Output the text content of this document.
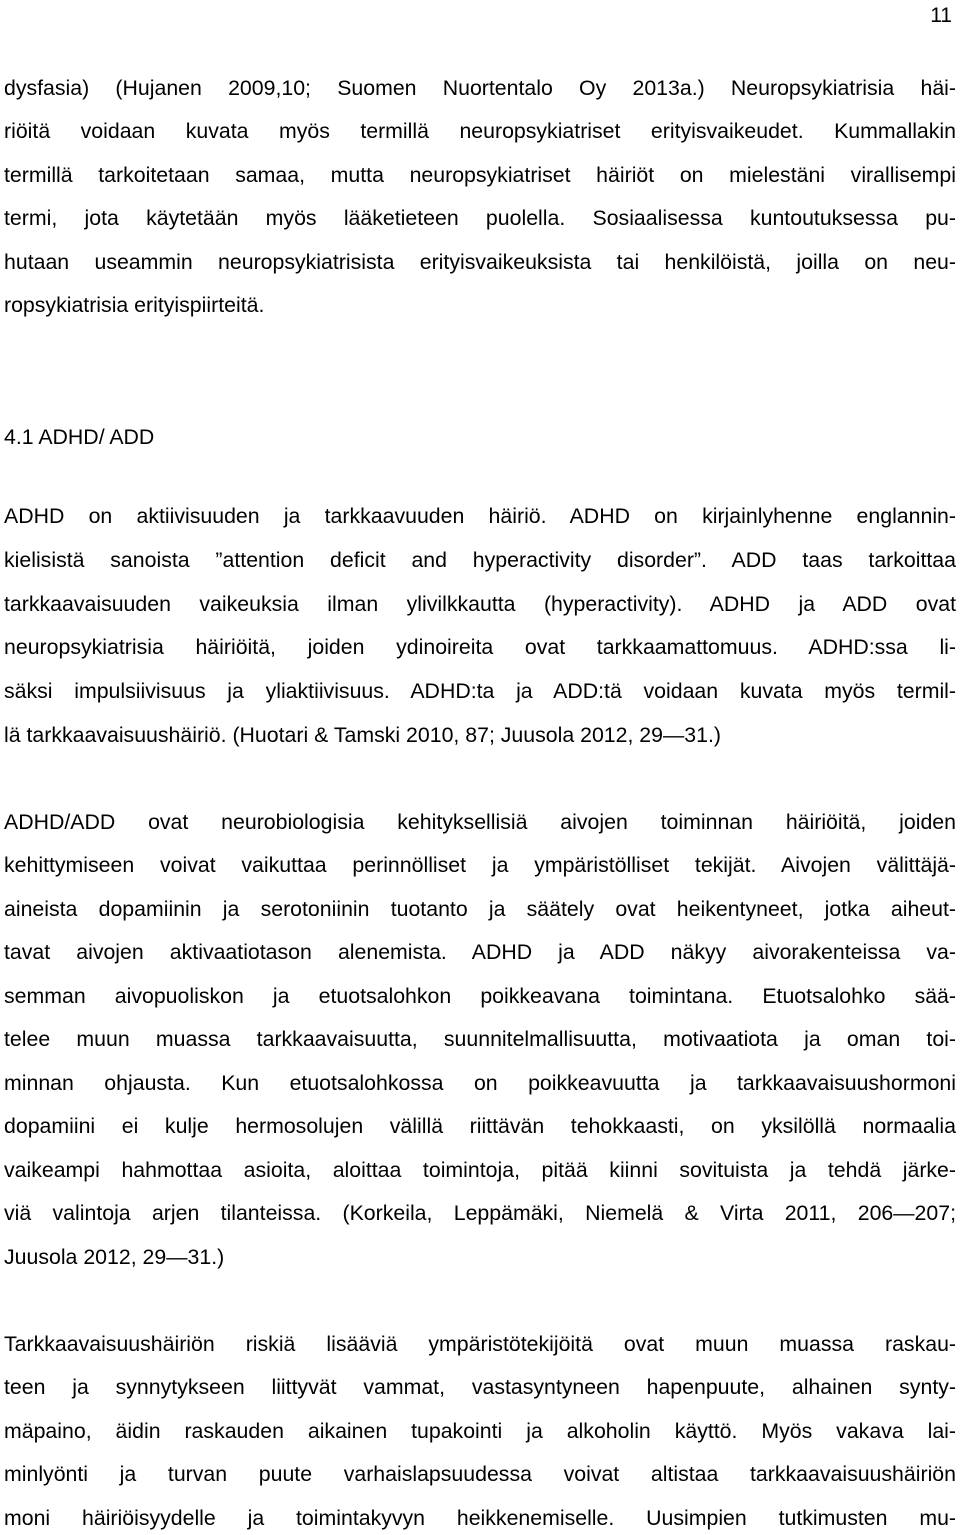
11
dysfasia) (Hujanen 2009,10; Suomen Nuortentalo Oy 2013a.) Neuropsykiatrisia häi-
riöitä voidaan kuvata myös termillä neuropsykiatriset erityisvaikeudet. Kummallakin
termillä tarkoitetaan samaa, mutta neuropsykiatriset häiriöt on mielestäni virallisempi
termi, jota käytetään myös lääketieteen puolella. Sosiaalisessa kuntoutuksessa pu-
hutaan useammin neuropsykiatrisista erityisvaikeuksista tai henkilöistä, joilla on neu-
ropsykiatrisia erityispiirteitä.
4.1 ADHD/ ADD
ADHD on aktiivisuuden ja tarkkaavuuden häiriö. ADHD on kirjainlyhenne englannin-
kielisistä sanoista ”attention deficit and hyperactivity disorder”. ADD taas tarkoittaa
tarkkaavaisuuden vaikeuksia ilman ylivilkkautta (hyperactivity). ADHD ja ADD ovat
neuropsykiatrisia häiriöitä, joiden ydinoireita ovat tarkkaamattomuus. ADHD:ssa li-
säksi impulsiivisuus ja yliaktiivisuus. ADHD:ta ja ADD:tä voidaan kuvata myös termil-
lä tarkkaavaisuushäiriö. (Huotari & Tamski 2010, 87; Juusola 2012, 29—31.)
ADHD/ADD ovat neurobiologisia kehityksellisiä aivojen toiminnan häiriöitä, joiden
kehittymiseen voivat vaikuttaa perinnölliset ja ympäristölliset tekijät. Aivojen välittäjä-
aineista dopamiinin ja serotoniinin tuotanto ja säätely ovat heikentyneet, jotka aiheut-
tavat aivojen aktivaatiotason alenemista. ADHD ja ADD näkyy aivorakenteissa va-
semman aivopuoliskon ja etuotsalohkon poikkeavana toimintana. Etuotsalohko sää-
telee muun muassa tarkkaavaisuutta, suunnitelmallisuutta, motivaatiota ja oman toi-
minnan ohjausta. Kun etuotsalohkossa on poikkeavuutta ja tarkkaavaisuushormoni
dopamiini ei kulje hermosolujen välillä riittävän tehokkaasti, on yksilöllä normaalia
vaikeampi hahmottaa asioita, aloittaa toimintoja, pitää kiinni sovituista ja tehdä järke-
viä valintoja arjen tilanteissa. (Korkeila, Leppämäki, Niemelä & Virta 2011, 206—207;
Juusola 2012, 29—31.)
Tarkkaavaisuushäiriön riskiä lisääviä ympäristötekijöitä ovat muun muassa raskau-
teen ja synnytykseen liittyvät vammat, vastasyntyneen hapenpuute, alhainen synty-
mäpaino, äidin raskauden aikainen tupakointi ja alkoholin käyttö. Myös vakava lai-
minlyönti ja turvan puute varhaislapsuudessa voivat altistaa tarkkaavaisuushäiriön
moni häiriöisyydelle ja toimintakyvyn heikkenemiselle. Uusimpien tutkimusten mu-
